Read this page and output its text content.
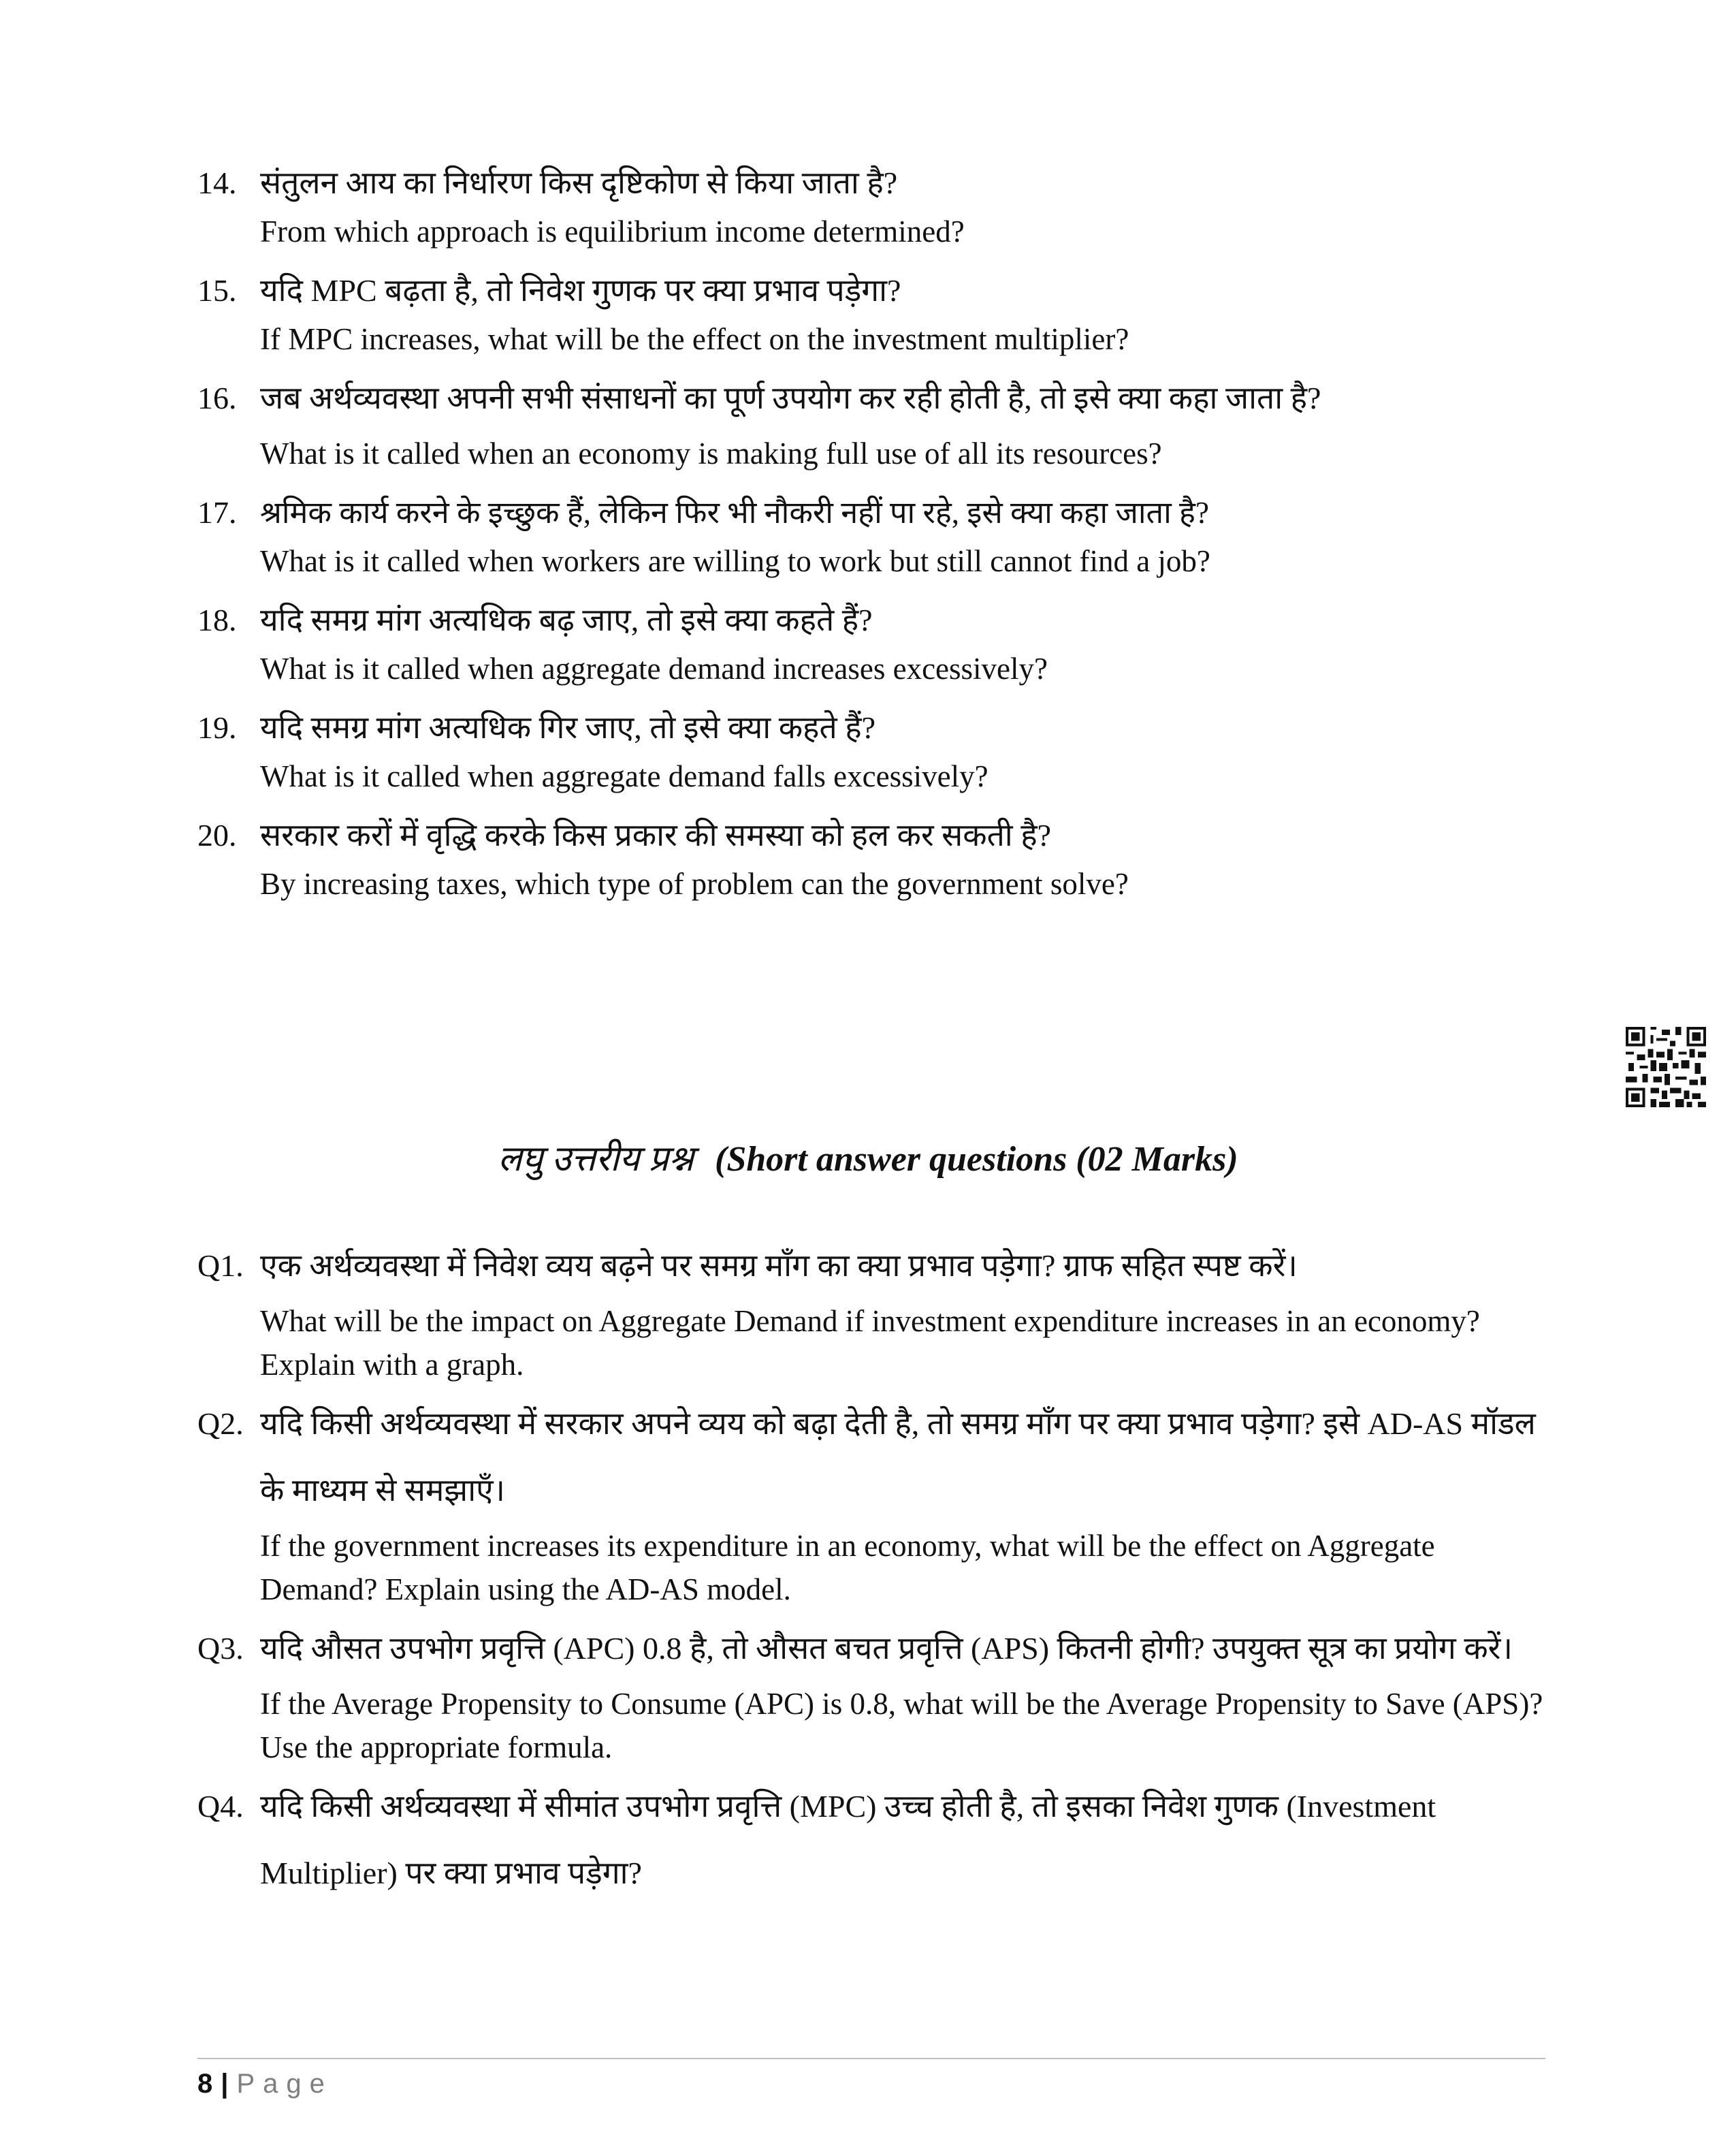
14. संतुलन आय का निर्धारण किस दृष्टिकोण से किया जाता है?
From which approach is equilibrium income determined?
15. यदि MPC बढ़ता है, तो निवेश गुणक पर क्या प्रभाव पड़ेगा?
If MPC increases, what will be the effect on the investment multiplier?
16. जब अर्थव्यवस्था अपनी सभी संसाधनों का पूर्ण उपयोग कर रही होती है, तो इसे क्या कहा जाता है?
What is it called when an economy is making full use of all its resources?
17. श्रमिक कार्य करने के इच्छुक हैं, लेकिन फिर भी नौकरी नहीं पा रहे, इसे क्या कहा जाता है?
What is it called when workers are willing to work but still cannot find a job?
18. यदि समग्र मांग अत्यधिक बढ़ जाए, तो इसे क्या कहते हैं?
What is it called when aggregate demand increases excessively?
19. यदि समग्र मांग अत्यधिक गिर जाए, तो इसे क्या कहते हैं?
What is it called when aggregate demand falls excessively?
20. सरकार करों में वृद्धि करके किस प्रकार की समस्या को हल कर सकती है?
By increasing taxes, which type of problem can the government solve?
लघु उत्तरीय प्रश्न (Short answer questions (02 Marks)
Q1. एक अर्थव्यवस्था में निवेश व्यय बढ़ने पर समग्र माँग का क्या प्रभाव पड़ेगा? ग्राफ सहित स्पष्ट करें।
What will be the impact on Aggregate Demand if investment expenditure increases in an economy? Explain with a graph.
Q2. यदि किसी अर्थव्यवस्था में सरकार अपने व्यय को बढ़ा देती है, तो समग्र माँग पर क्या प्रभाव पड़ेगा? इसे AD-AS मॉडल के माध्यम से समझाएँ।
If the government increases its expenditure in an economy, what will be the effect on Aggregate Demand? Explain using the AD-AS model.
Q3. यदि औसत उपभोग प्रवृत्ति (APC) 0.8 है, तो औसत बचत प्रवृत्ति (APS) कितनी होगी? उपयुक्त सूत्र का प्रयोग करें।
If the Average Propensity to Consume (APC) is 0.8, what will be the Average Propensity to Save (APS)? Use the appropriate formula.
Q4. यदि किसी अर्थव्यवस्था में सीमांत उपभोग प्रवृत्ति (MPC) उच्च होती है, तो इसका निवेश गुणक (Investment Multiplier) पर क्या प्रभाव पड़ेगा?
8 | Page
